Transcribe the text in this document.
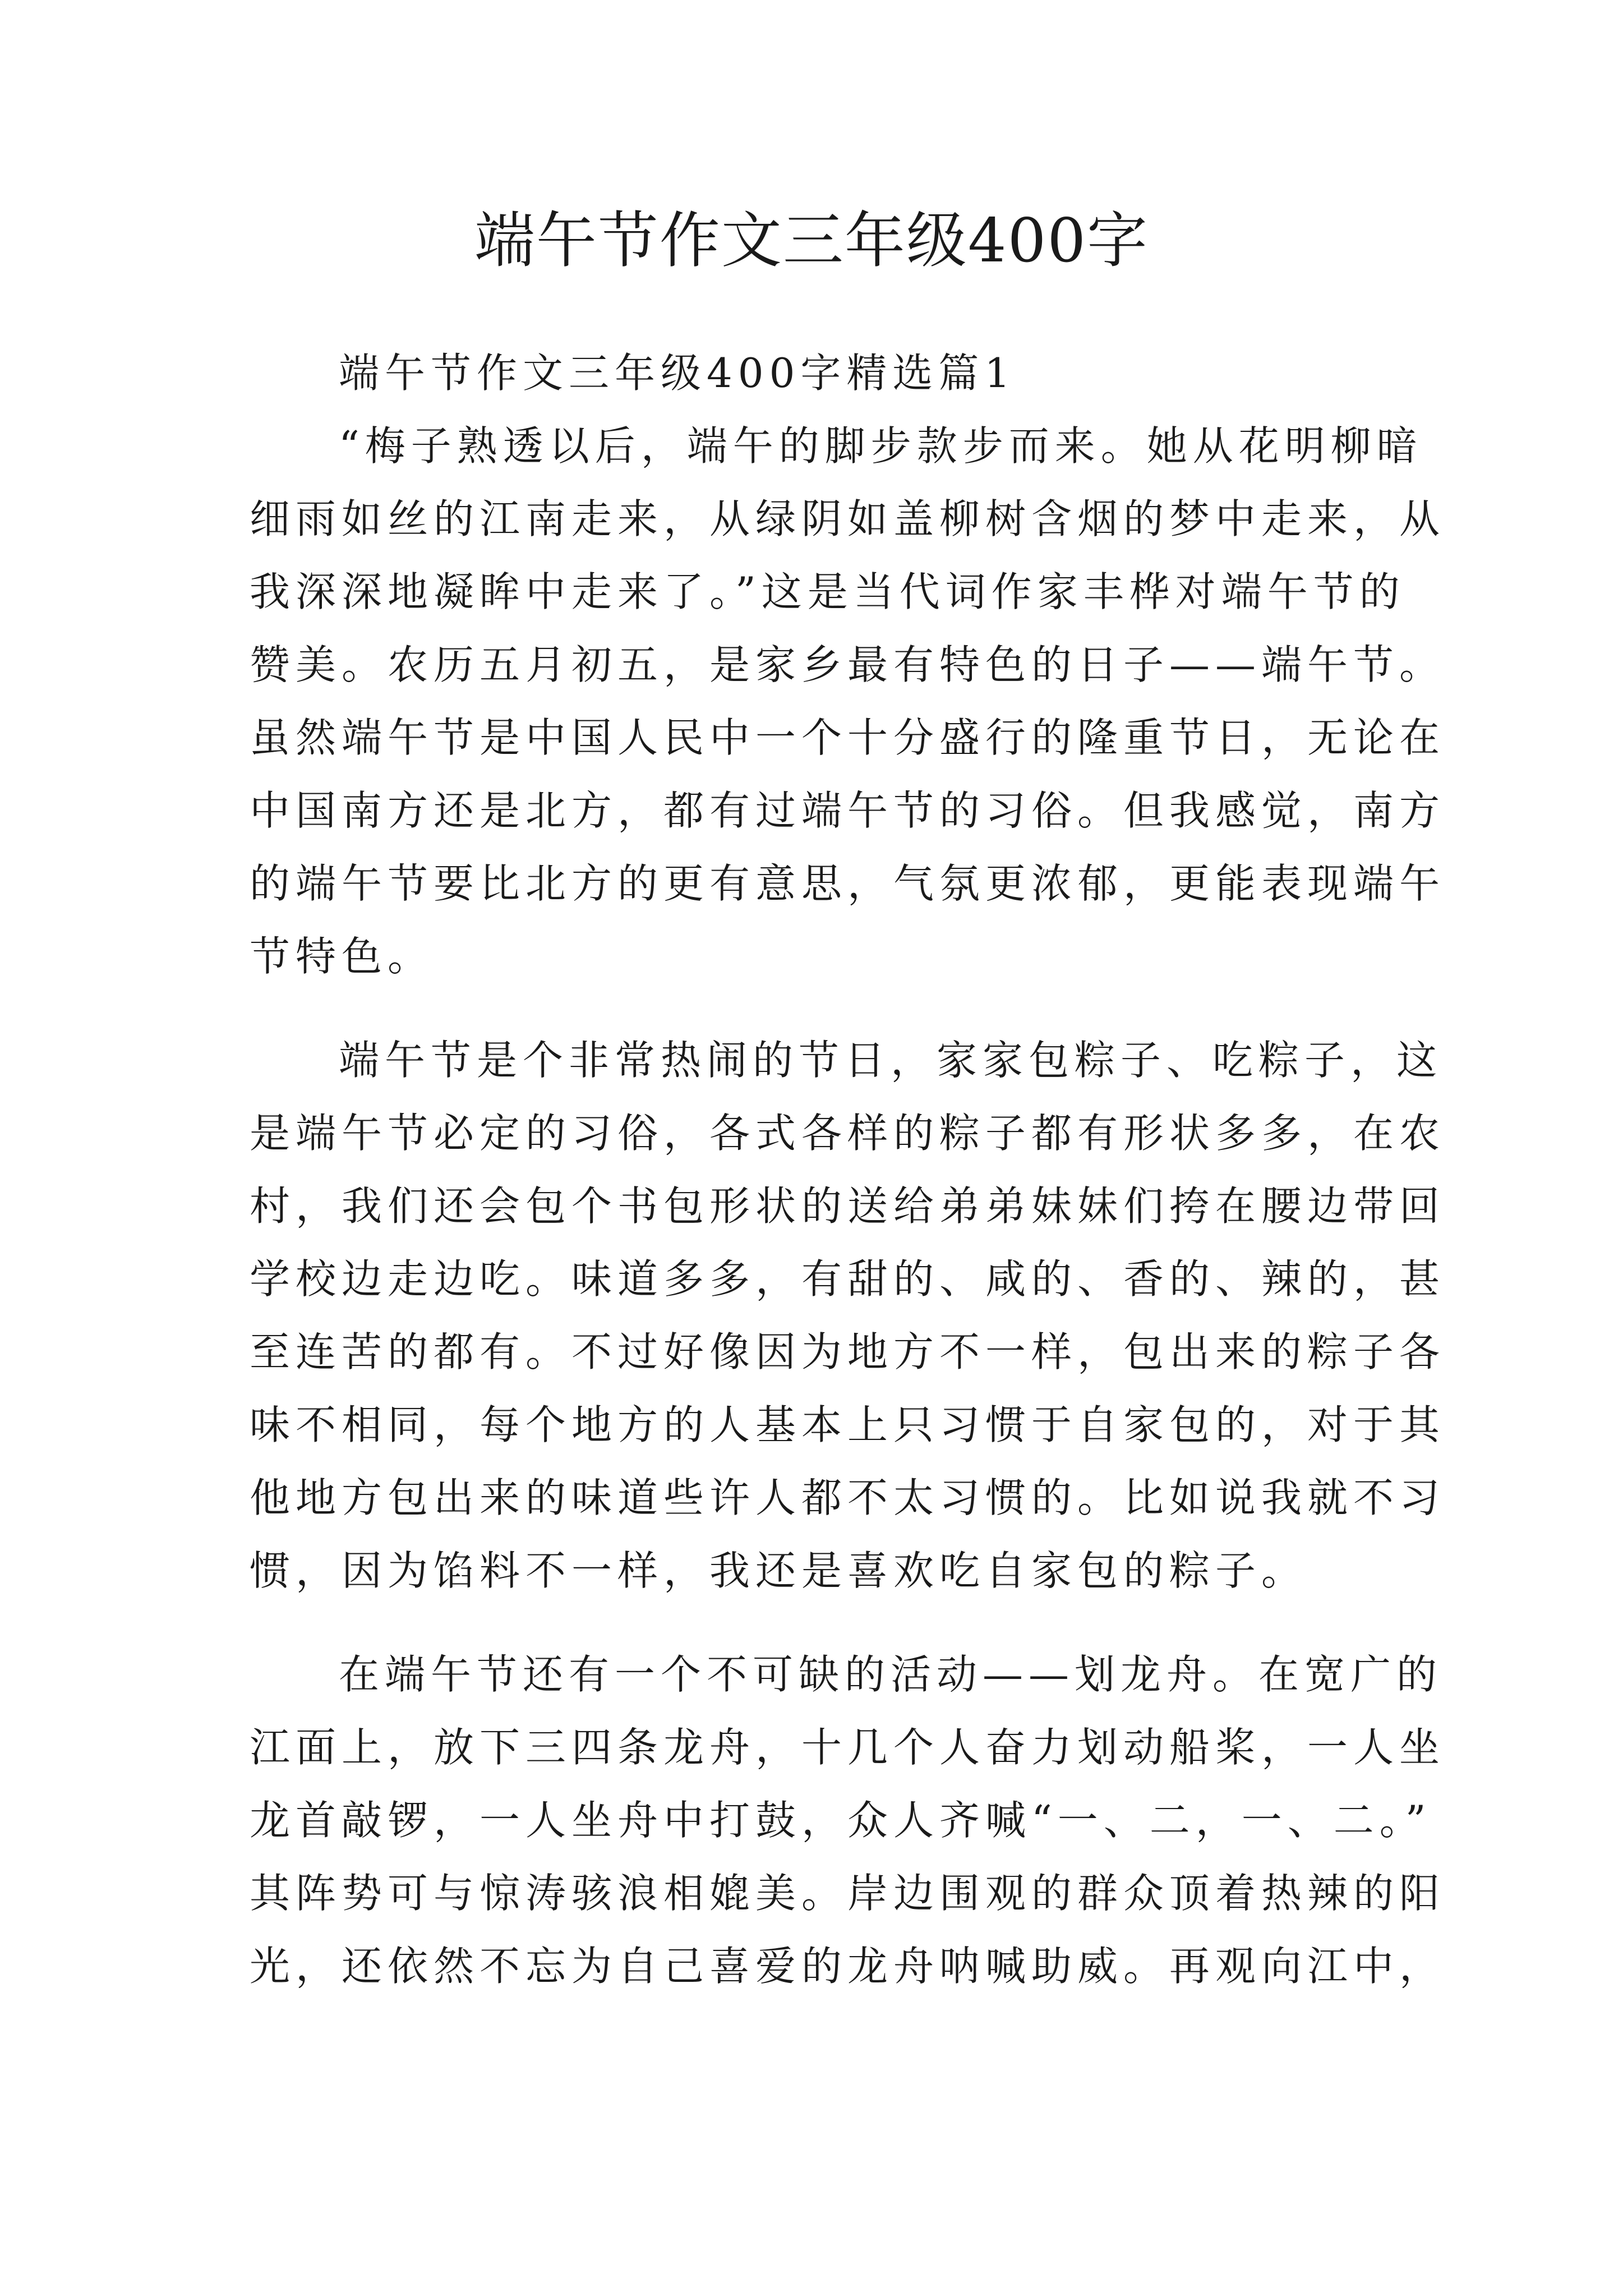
端午节作文三年级400字

端午节作文三年级400字精选篇1

“梅子熟透以后，端午的脚步款步而来。她从花明柳暗

细雨如丝的江南走来，从绿阴如盖柳树含烟的梦中走来，从

我深深地凝眸中走来了。”这是当代词作家丰桦对端午节的

赞美。农历五月初五，是家乡最有特色的日子——端午节。

虽然端午节是中国人民中一个十分盛行的隆重节日，无论在

中国南方还是北方，都有过端午节的习俗。但我感觉，南方

的端午节要比北方的更有意思，气氛更浓郁，更能表现端午

节特色。

端午节是个非常热闹的节日，家家包粽子、吃粽子，这

是端午节必定的习俗，各式各样的粽子都有形状多多，在农

村，我们还会包个书包形状的送给弟弟妹妹们挎在腰边带回

学校边走边吃。味道多多，有甜的、咸的、香的、辣的，甚

至连苦的都有。不过好像因为地方不一样，包出来的粽子各

味不相同，每个地方的人基本上只习惯于自家包的，对于其

他地方包出来的味道些许人都不太习惯的。比如说我就不习

惯，因为馅料不一样，我还是喜欢吃自家包的粽子。

在端午节还有一个不可缺的活动——划龙舟。在宽广的

江面上，放下三四条龙舟，十几个人奋力划动船桨，一人坐

龙首敲锣，一人坐舟中打鼓，众人齐喊“一、二，一、二。”

其阵势可与惊涛骇浪相媲美。岸边围观的群众顶着热辣的阳

光，还依然不忘为自己喜爱的龙舟呐喊助威。再观向江中，
